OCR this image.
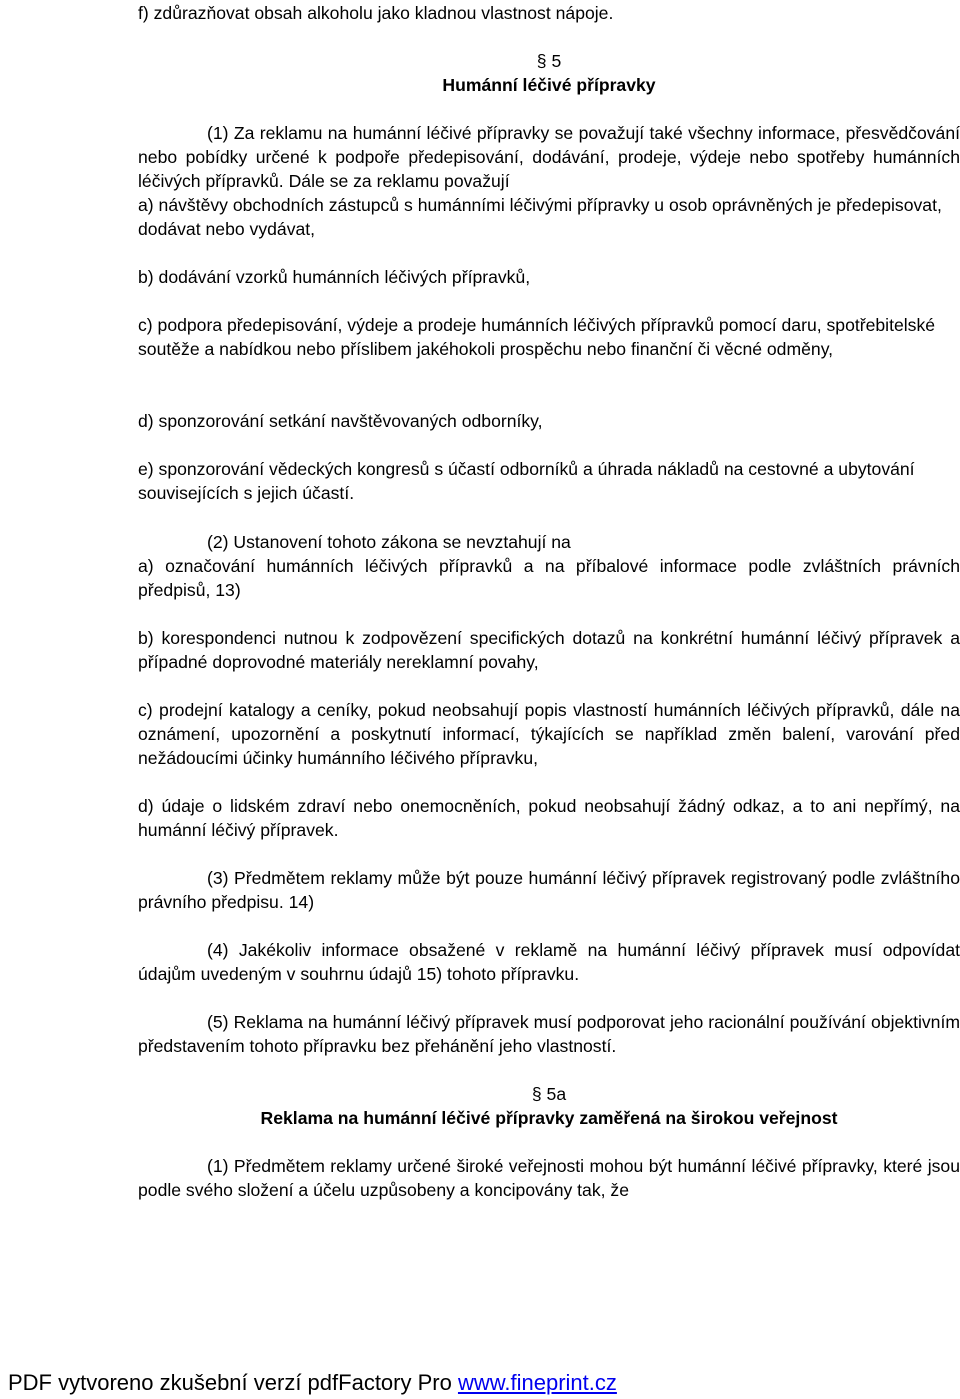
f) zdůrazňovat obsah alkoholu jako kladnou vlastnost nápoje.

§ 5

Humánní léčivé přípravky

(1) Za reklamu na humánní léčivé přípravky se považují také všechny informace, přesvědčování nebo pobídky určené k podpoře předepisování, dodávání, prodeje, výdeje nebo spotřeby humánních léčivých přípravků. Dále se za reklamu považují

a) návštěvy obchodních zástupců s humánními léčivými přípravky u osob oprávněných je předepisovat, dodávat nebo vydávat,

b) dodávání vzorků humánních léčivých přípravků,

c) podpora předepisování, výdeje a prodeje humánních léčivých přípravků pomocí daru, spotřebitelské soutěže a nabídkou nebo příslibem jakéhokoli prospěchu nebo finanční či věcné odměny,

d) sponzorování setkání navštěvovaných odborníky,

e) sponzorování vědeckých kongresů s účastí odborníků a úhrada nákladů na cestovné a ubytování souvisejících s jejich účastí.

(2) Ustanovení tohoto zákona se nevztahují na

a) označování humánních léčivých přípravků a na příbalové informace podle zvláštních právních předpisů, 13)

b) korespondenci nutnou k zodpovězení specifických dotazů na konkrétní humánní léčivý přípravek a případné doprovodné materiály nereklamní povahy,

c) prodejní katalogy a ceníky, pokud neobsahují popis vlastností humánních léčivých přípravků, dále na oznámení, upozornění a poskytnutí informací, týkajících se například změn balení, varování před nežádoucími účinky humánního léčivého přípravku,

d) údaje o lidském zdraví nebo onemocněních, pokud neobsahují žádný odkaz, a to ani nepřímý, na humánní léčivý přípravek.

(3) Předmětem reklamy může být pouze humánní léčivý přípravek registrovaný podle zvláštního právního předpisu. 14)

(4) Jakékoliv informace obsažené v reklamě na humánní léčivý přípravek musí odpovídat údajům uvedeným v souhrnu údajů 15) tohoto přípravku.

(5) Reklama na humánní léčivý přípravek musí podporovat jeho racionální používání objektivním představením tohoto přípravku bez přehánění jeho vlastností.

§ 5a

Reklama na humánní léčivé přípravky zaměřená na širokou veřejnost

(1) Předmětem reklamy určené široké veřejnosti mohou být humánní léčivé přípravky, které jsou podle svého složení a účelu uzpůsobeny a koncipovány tak, že

PDF vytvoreno zkušební verzí pdfFactory Pro www.fineprint.cz
